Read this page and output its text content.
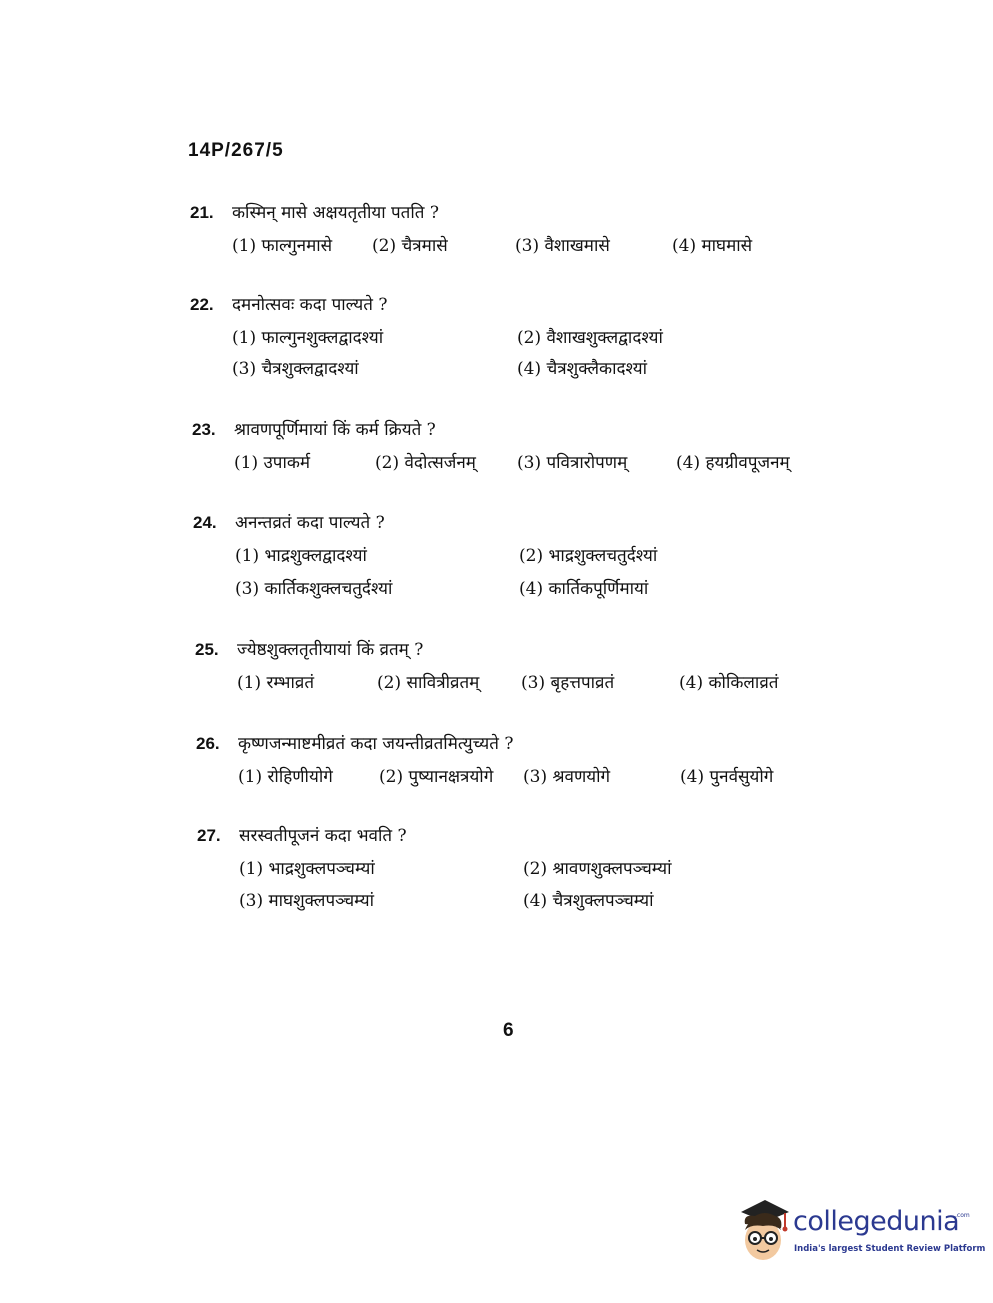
14P/267/5
21. कस्मिन् मासे अक्षयतृतीया पतति ?
(1) फाल्गुनमासे (2) चैत्रमासे	(3) वैशाखमासे	(4) माघमासे
22. दमनोत्सवः कदा पाल्यते ?
(1) फाल्गुनशुक्लद्वादश्यां	(2) वैशाखशुक्लद्वादश्यां
(3) चैत्रशुक्लद्वादश्यां	(4) चैत्रशुक्लैकादश्यां
23. श्रावणपूर्णिमायां किं कर्म क्रियते ?
(1) उपाकर्म	(2) वेदोत्सर्जनम् (3) पवित्रारोपणम्	(4) हयग्रीवपूजनम्
24. अनन्तव्रतं कदा पाल्यते ?
(1) भाद्रशुक्लद्वादश्यां	(2) भाद्रशुक्लचतुर्दश्यां
(3) कार्तिकशुक्लचतुर्दश्यां	(4) कार्तिकपूर्णिमायां
25. ज्येष्ठशुक्लतृतीयायां किं व्रतम् ?
(1) रम्भाव्रतं	(2) सावित्रीव्रतम् (3) बृहत्तपाव्रतं	(4) कोकिलाव्रतं
26. कृष्णजन्माष्टमीव्रतं कदा जयन्तीव्रतमित्युच्यते ?
(1) रोहिणीयोगे	(2) पुष्यानक्षत्रयोगे (3) श्रवणयोगे	(4) पुनर्वसुयोगे
27. सरस्वतीपूजनं कदा भवति ?
(1) भाद्रशुक्लपञ्चम्यां	(2) श्रावणशुक्लपञ्चम्यां
(3) माघशुक्लपञ्चम्यां	(4) चैत्रशुक्लपञ्चम्यां
6
collegedunia
.com
India's largest Student Review Platform
